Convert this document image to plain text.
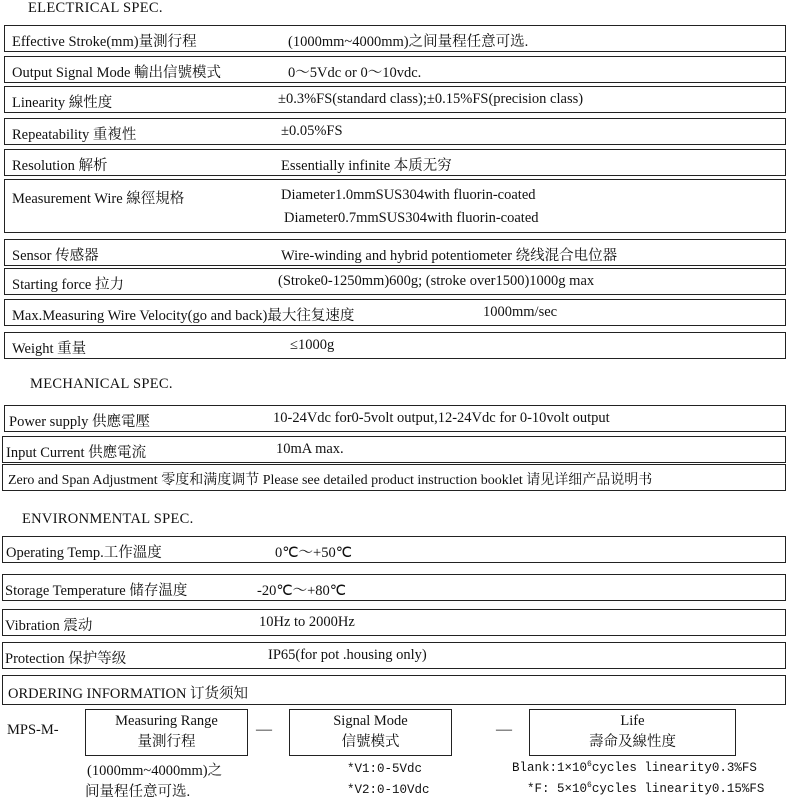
ELECTRICAL SPEC.
Effective Stroke(mm)量測行程	(1000mm~4000mm)之间量程任意可选.
Output Signal Mode 輸出信號模式	0～5Vdc or 0～10vdc.
Linearity 線性度	±0.3%FS(standard class);±0.15%FS(precision class)
Repeatability 重複性	±0.05%FS
Resolution 解析	Essentially infinite 本质无穷
Measurement Wire 線徑規格	Diameter1.0mmSUS304with fluorin-coated
Diameter0.7mmSUS304with fluorin-coated
Sensor 传感器	Wire-winding and hybrid potentiometer 绕线混合电位器
Starting force 拉力	(Stroke0-1250mm)600g; (stroke over1500)1000g max
Max.Measuring Wire Velocity(go and back)最大往复速度	1000mm/sec
Weight 重量	≤1000g
MECHANICAL SPEC.
Power supply 供應電壓	10-24Vdc for0-5volt output,12-24Vdc for 0-10volt output
Input Current 供應電流	10mA max.
Zero and Span Adjustment 零度和满度调节 Please see detailed product instruction booklet 请见详细产品说明书
ENVIRONMENTAL SPEC.
Operating Temp.工作溫度	0℃～+50℃
Storage Temperature 储存温度	-20℃～+80℃
Vibration 震动	10Hz to 2000Hz
Protection 保护等级	IP65(for pot .housing only)
ORDERING INFORMATION 订货须知
MPS-M-
Measuring Range
量測行程
—	Signal Mode
信號模式
—	Life
壽命及線性度
(1000mm~4000mm)之
间量程任意可选.
*V1:0-5Vdc
*V2:0-10Vdc
$Blank:1\times 10^6cycles$ linearity0.3%FS
*F: $5\times 10^6cycles$ linearity0.15%FS
